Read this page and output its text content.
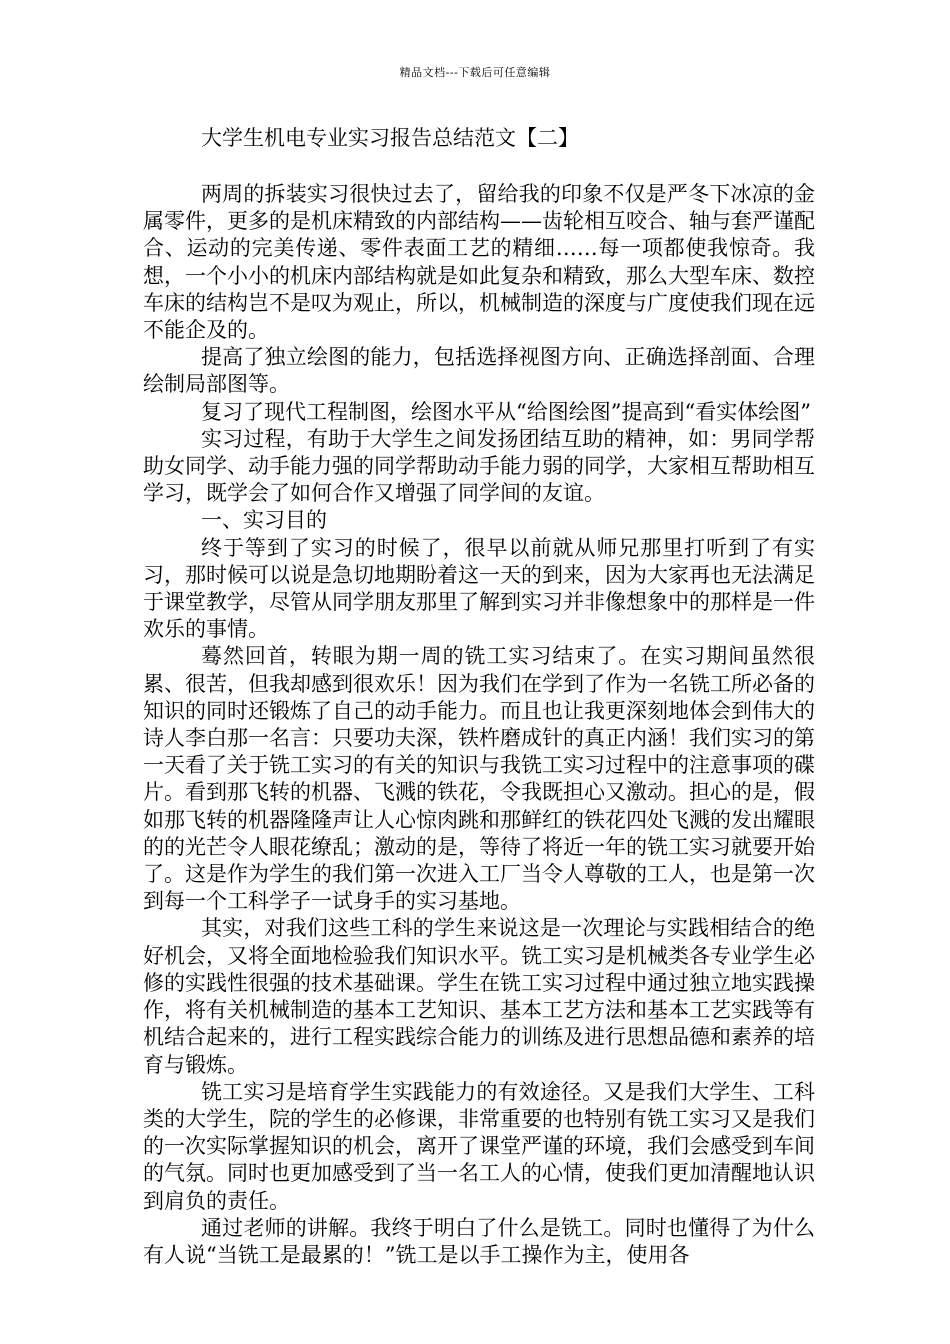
精品文档---下载后可任意编辑
大学生机电专业实习报告总结范文【二】

两周的拆装实习很快过去了，留给我的印象不仅是严冬下冰凉的金属零件，更多的是机床精致的内部结构——齿轮相互咬合、轴与套严谨配合、运动的完美传递、零件表面工艺的精细……每一项都使我惊奇。我想，一个小小的机床内部结构就是如此复杂和精致，那么大型车床、数控车床的结构岂不是叹为观止，所以，机械制造的深度与广度使我们现在远不能企及的。

提高了独立绘图的能力，包括选择视图方向、正确选择剖面、合理绘制局部图等。

复习了现代工程制图，绘图水平从“给图绘图”提高到“看实体绘图”

实习过程，有助于大学生之间发扬团结互助的精神，如：男同学帮助女同学、动手能力强的同学帮助动手能力弱的同学，大家相互帮助相互学习，既学会了如何合作又增强了同学间的友谊。

一、实习目的

终于等到了实习的时候了，很早以前就从师兄那里打听到了有实习，那时候可以说是急切地期盼着这一天的到来，因为大家再也无法满足于课堂教学，尽管从同学朋友那里了解到实习并非像想象中的那样是一件欢乐的事情。

蓦然回首，转眼为期一周的铣工实习结束了。在实习期间虽然很累、很苦，但我却感到很欢乐！因为我们在学到了作为一名铣工所必备的知识的同时还锻炼了自己的动手能力。而且也让我更深刻地体会到伟大的诗人李白那一名言：只要功夫深，铁杵磨成针的真正内涵！我们实习的第一天看了关于铣工实习的有关的知识与我铣工实习过程中的注意事项的碟片。看到那飞转的机器、飞溅的铁花，令我既担心又激动。担心的是，假如那飞转的机器隆隆声让人心惊肉跳和那鲜红的铁花四处飞溅的发出耀眼的的光芒令人眼花缭乱；激动的是，等待了将近一年的铣工实习就要开始了。这是作为学生的我们第一次进入工厂当令人尊敬的工人，也是第一次到每一个工科学子一试身手的实习基地。

其实，对我们这些工科的学生来说这是一次理论与实践相结合的绝好机会，又将全面地检验我们知识水平。铣工实习是机械类各专业学生必修的实践性很强的技术基础课。学生在铣工实习过程中通过独立地实践操作，将有关机械制造的基本工艺知识、基本工艺方法和基本工艺实践等有机结合起来的，进行工程实践综合能力的训练及进行思想品德和素养的培育与锻炼。

铣工实习是培育学生实践能力的有效途径。又是我们大学生、工科类的大学生，院的学生的必修课，非常重要的也特别有铣工实习又是我们的一次实际掌握知识的机会，离开了课堂严谨的环境，我们会感受到车间的气氛。同时也更加感受到了当一名工人的心情，使我们更加清醒地认识到肩负的责任。

通过老师的讲解。我终于明白了什么是铣工。同时也懂得了为什么有人说“当铣工是最累的！”铣工是以手工操作为主，使用各
